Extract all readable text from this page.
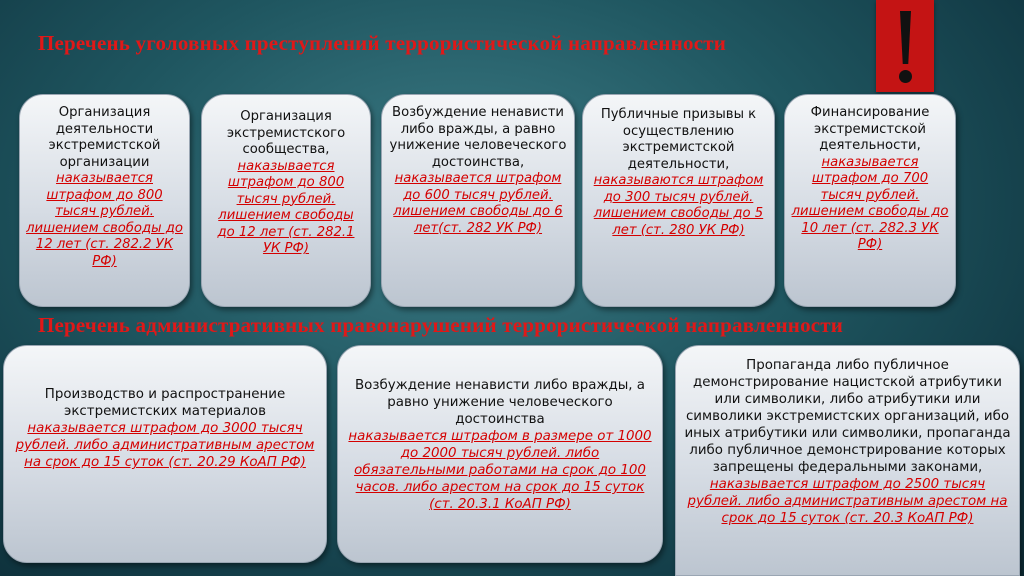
Перечень уголовных преступлений террористической направленности
Организация деятельности экстремистской организации
наказывается штрафом до 800 тысяч рублей. лишением свободы до 12 лет (ст. 282.2 УК РФ)
Организация экстремистского сообщества,
наказывается штрафом до 800 тысяч рублей. лишением свободы до 12 лет (ст. 282.1 УК РФ)
Возбуждение ненависти либо вражды, а равно унижение человеческого достоинства,
наказывается штрафом до 600 тысяч рублей. лишением свободы до 6 лет(ст. 282 УК РФ)
Публичные призывы к осуществлению экстремистской деятельности,
наказываются штрафом до 300 тысяч рублей. лишением свободы до 5 лет (ст. 280 УК РФ)
Финансирование экстремистской деятельности,
наказывается штрафом до 700 тысяч рублей. лишением свободы до 10 лет (ст. 282.3 УК РФ)
Перечень административных правонарушений террористической направленности
Производство и распространение экстремистских материалов
наказывается штрафом до 3000 тысяч рублей. либо административным арестом на срок до 15 суток (ст. 20.29 КоАП РФ)
Возбуждение ненависти либо вражды, а равно унижение человеческого достоинства
наказывается штрафом в размере от 1000 до 2000 тысяч рублей. либо обязательными работами на срок до 100 часов. либо арестом на срок до 15 суток (ст. 20.3.1 КоАП РФ)
Пропаганда либо публичное демонстрирование нацистской атрибутики или символики, либо атрибутики или символики экстремистских организаций, ибо иных атрибутики или символики, пропаганда либо публичное демонстрирование которых запрещены федеральными законами, наказывается штрафом до 2500 тысяч рублей. либо административным арестом на срок до 15 суток (ст. 20.3 КоАП РФ)
